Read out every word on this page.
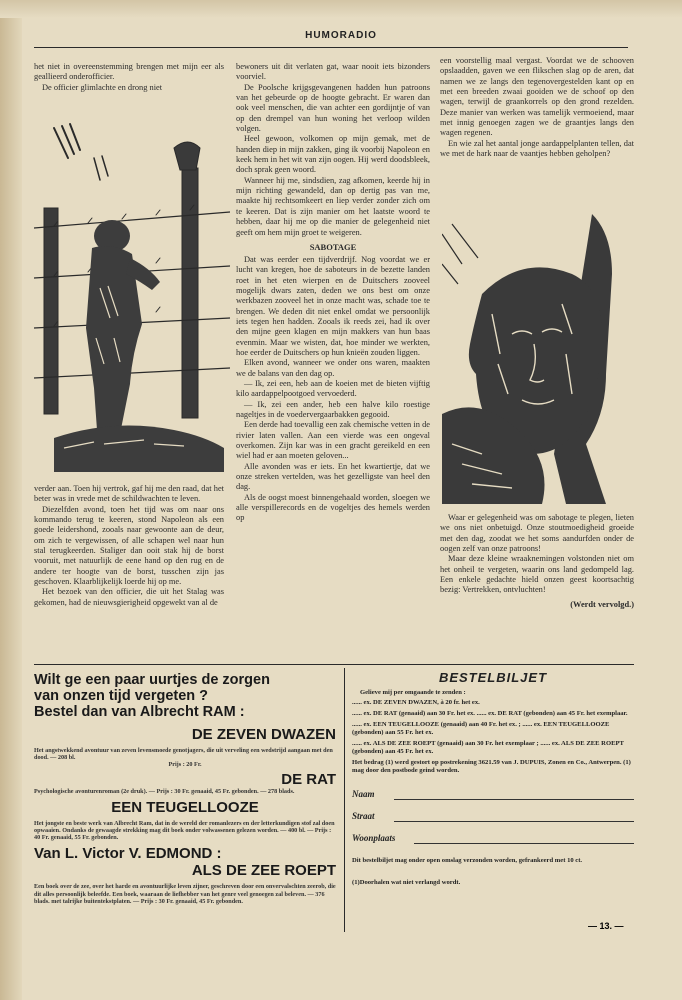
HUMORADIO

het niet in overeenstemming brengen met mijn eer als geallieerd onderofficier.

De officier glimlachte en drong niet

verder aan. Toen hij vertrok, gaf hij me den raad, dat het beter was in vrede met de schildwachten te leven.

Diezelfden avond, toen het tijd was om naar ons kommando terug te keeren, stond Napoleon als een goede leidershond, zooals naar gewoonte aan de deur, om zich te vergewissen, of alle schapen wel naar hun stal terugkeerden. Staliger dan ooit stak hij de borst vooruit, met natuurlijk de eene hand op den rug en de andere ter hoogte van de borst, tusschen zijn jas geschoven. Klaarblijkelijk loerde hij op me.

Het bezoek van den officier, die uit het Stalag was gekomen, had de nieuwsgierigheid opgewekt van al de

bewoners uit dit verlaten gat, waar nooit iets bizonders voorviel.

De Poolsche krijgsgevangenen hadden hun patroons van het gebeurde op de hoogte gebracht. Er waren dan ook veel menschen, die van achter een gordijntje of van op den drempel van hun woning het verloop wilden volgen.

Heel gewoon, volkomen op mijn gemak, met de handen diep in mijn zakken, ging ik voorbij Napoleon en keek hem in het wit van zijn oogen. Hij werd doodsbleek, doch sprak geen woord.

Wanneer hij me, sindsdien, zag afkomen, keerde hij in mijn richting gewandeld, dan op dertig pas van me, maakte hij rechtsomkeert en liep verder zonder zich om te keeren. Dat is zijn manier om het laatste woord te hebben, daar hij me op die manier de gelegenheid niet geeft om hem mijn groet te weigeren.

SABOTAGE

Dat was eerder een tijdverdrijf. Nog voordat we er lucht van kregen, hoe de saboteurs in de bezette landen roet in het eten wierpen en de Duitschers zooveel mogelijk dwars zaten, deden we ons best om onze werkbazen zooveel het in onze macht was, schade toe te brengen. We deden dit niet enkel omdat we persoonlijk iets tegen hen hadden. Zooals ik reeds zei, had ik over den mijne geen klagen en mijn makkers van hun baas evenmin. Maar we wisten, dat, hoe minder we werkten, hoe eerder de Duitschers op hun knieën zouden liggen.

Elken avond, wanneer we onder ons waren, maakten we de balans van den dag op.

— Ik, zei een, heb aan de koeien met de bieten vijftig kilo aardappelpootgoed vervoederd.

— Ik, zei een ander, heb een halve kilo roestige nageltjes in de voedervergaarbakken gegooid.

Een derde had toevallig een zak chemische vetten in de rivier laten vallen. Aan een vierde was een ongeval overkomen. Zijn kar was in een gracht gereikeld en een wiel had er aan moeten geloven...

Alle avonden was er iets. En het kwartiertje, dat we onze streken vertelden, was het gezelligste van heel den dag.

Als de oogst moest binnengehaald worden, sloegen we alle verspillerecords en de vogeltjes des hemels werden op

een voorstellig maal vergast. Voordat we de schooven opslaadden, gaven we een flikschen slag op de aren, dat namen we ze langs den tegenovergestelden kant op en met een breeden zwaai gooiden we de schoof op den wagen, terwijl de graankorrels op den grond rezelden. Deze manier van werken was tamelijk vermoeiend, maar met innig genoegen zagen we de graantjes langs den wagen regenen.

En wie zal het aantal jonge aardappelplanten tellen, dat we met de hark naar de vaantjes hebben geholpen?

Waar er gelegenheid was om sabotage te plegen, lieten we ons niet onbetuigd. Onze stoutmoedigheid groeide met den dag, zoodat we het soms aandurfden onder de oogen zelf van onze patroons!

Maar deze kleine wraaknemingen volstonden niet om het onheil te vergeten, waarin ons land gedompeld lag. Een enkele gedachte hield onzen geest koortsachtig bezig: Vertrekken, ontvluchten!

(Werdt vervolgd.)

Wilt ge een paar uurtjes de zorgen
van onzen tijd vergeten ?
Bestel dan van Albrecht RAM :
DE ZEVEN DWAZEN
Het angstwekkend avontuur van zeven levensmoede genotjagers, die uit verveling een wedstrijd aangaan met den dood. — 208 bl.
Prijs : 20 Fr.
DE RAT
Psychologische avonturenroman (2e druk). — Prijs : 30 Fr. genaaid, 45 Fr. gebonden. — 278 blads.
EEN TEUGELLOOZE
Het jongste en beste werk van Albrecht Ram, dat in de wereld der romanlezers en der letterkundigen stof zal doen opwaaien. Ondanks de gewaagde strekking mag dit boek onder volwassenen gelezen worden. — 400 bl. — Prijs : 40 Fr. genaaid, 55 Fr. gebonden.
Van L. Victor V. EDMOND :
ALS DE ZEE ROEPT
Een boek over de zee, over het harde en avontuurlijke leven zijner, geschreven door een onvervalschten zeerob, die dit alles persoonlijk beleefde. Een boek, waaraan de liefhebber van het genre veel genoegen zal beleven. — 376 blads. met talrijke buitentekstplaten. — Prijs : 30 Fr. genaaid, 45 Fr. gebonden.
BESTELBILJET
Gelieve mij per omgaande te zenden :
...... ex. DE ZEVEN DWAZEN, à 20 fr. het ex.
...... ex. DE RAT (genaaid) aan 30 Fr. het ex. ...... ex. DE RAT (gebonden) aan 45 Fr. het exemplaar.
...... ex. EEN TEUGELLOOZE (genaaid) aan 40 Fr. het ex. ; ...... ex. EEN TEUGELLOOZE (gebonden) aan 55 Fr. het ex.
...... ex. ALS DE ZEE ROEPT (genaaid) aan 30 Fr. het exemplaar ; ...... ex. ALS DE ZEE ROEPT (gebonden) aan 45 Fr. het ex.
Het bedrag (1) werd gestort op postrekening 3621.59 van J. DUPUIS, Zonen en Co., Antwerpen. (1) mag door den postbode geind worden.
Naam
Straat
Woonplaats
Dit bestelbiljet mag onder open omslag verzonden worden, gefrankeerd met 10 ct.
(1)Doorhalen wat niet verlangd wordt.
— 13. —
